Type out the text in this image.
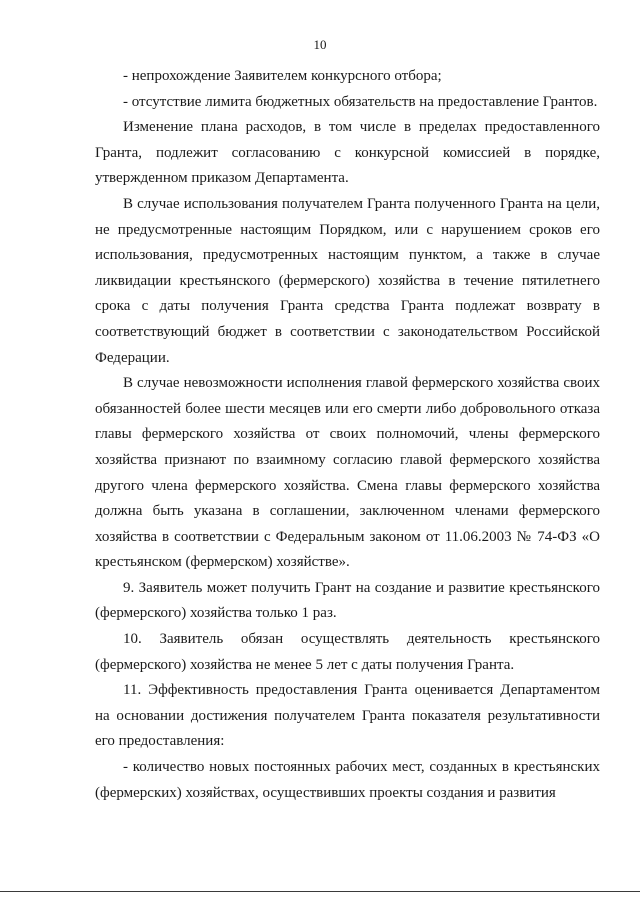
10

- непрохождение Заявителем конкурсного отбора;

- отсутствие лимита бюджетных обязательств на предоставление Грантов.

Изменение плана расходов, в том числе в пределах предоставленного Гранта, подлежит согласованию с конкурсной комиссией в порядке, утвержденном приказом Департамента.

В случае использования получателем Гранта полученного Гранта на цели, не предусмотренные настоящим Порядком, или с нарушением сроков его использования, предусмотренных настоящим пунктом, а также в случае ликвидации крестьянского (фермерского) хозяйства в течение пятилетнего срока с даты получения Гранта средства Гранта подлежат возврату в соответствующий бюджет в соответствии с законодательством Российской Федерации.

В случае невозможности исполнения главой фермерского хозяйства своих обязанностей более шести месяцев или его смерти либо добровольного отказа главы фермерского хозяйства от своих полномочий, члены фермерского хозяйства признают по взаимному согласию главой фермерского хозяйства другого члена фермерского хозяйства. Смена главы фермерского хозяйства должна быть указана в соглашении, заключенном членами фермерского хозяйства в соответствии с Федеральным законом от 11.06.2003 № 74-ФЗ «О крестьянском (фермерском) хозяйстве».

9. Заявитель может получить Грант на создание и развитие крестьянского (фермерского) хозяйства только 1 раз.

10. Заявитель обязан осуществлять деятельность крестьянского (фермерского) хозяйства не менее 5 лет с даты получения Гранта.

11. Эффективность предоставления Гранта оценивается Департаментом на основании достижения получателем Гранта показателя результативности его предоставления:

- количество новых постоянных рабочих мест, созданных в крестьянских (фермерских) хозяйствах, осуществивших проекты создания и развития
